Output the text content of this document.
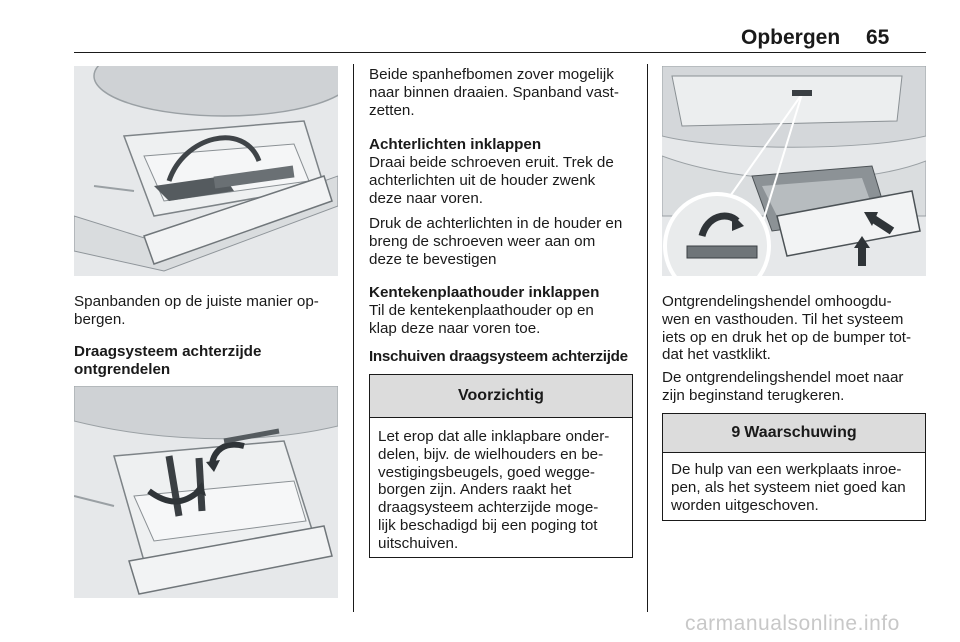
Opbergen 65

Spanbanden op de juiste manier op-

bergen.

Draagsysteem achterzijde

ontgrendelen

Beide spanhefbomen zover mogelijk

naar binnen draaien. Spanband vast-

zetten.

Achterlichten inklappen

Draai beide schroeven eruit. Trek de

achterlichten uit de houder zwenk

deze naar voren.

Druk de achterlichten in de houder en

breng de schroeven weer aan om

deze te bevestigen

Kentekenplaathouder inklappen

Til de kentekenplaathouder op en

klap deze naar voren toe.

Inschuiven draagsysteem achterzijde

Voorzichtig

Let erop dat alle inklapbare onder-

delen, bijv. de wielhouders en be-

vestigingsbeugels, goed wegge-

borgen zijn. Anders raakt het

draagsysteem achterzijde moge-

lijk beschadigd bij een poging tot

uitschuiven.

Ontgrendelingshendel omhoogdu-

wen en vasthouden. Til het systeem

iets op en druk het op de bumper tot-

dat het vastklikt.

De ontgrendelingshendel moet naar

zijn beginstand terugkeren.

9 Waarschuwing

De hulp van een werkplaats inroe-

pen, als het systeem niet goed kan

worden uitgeschoven.

carmanualsonline.info
